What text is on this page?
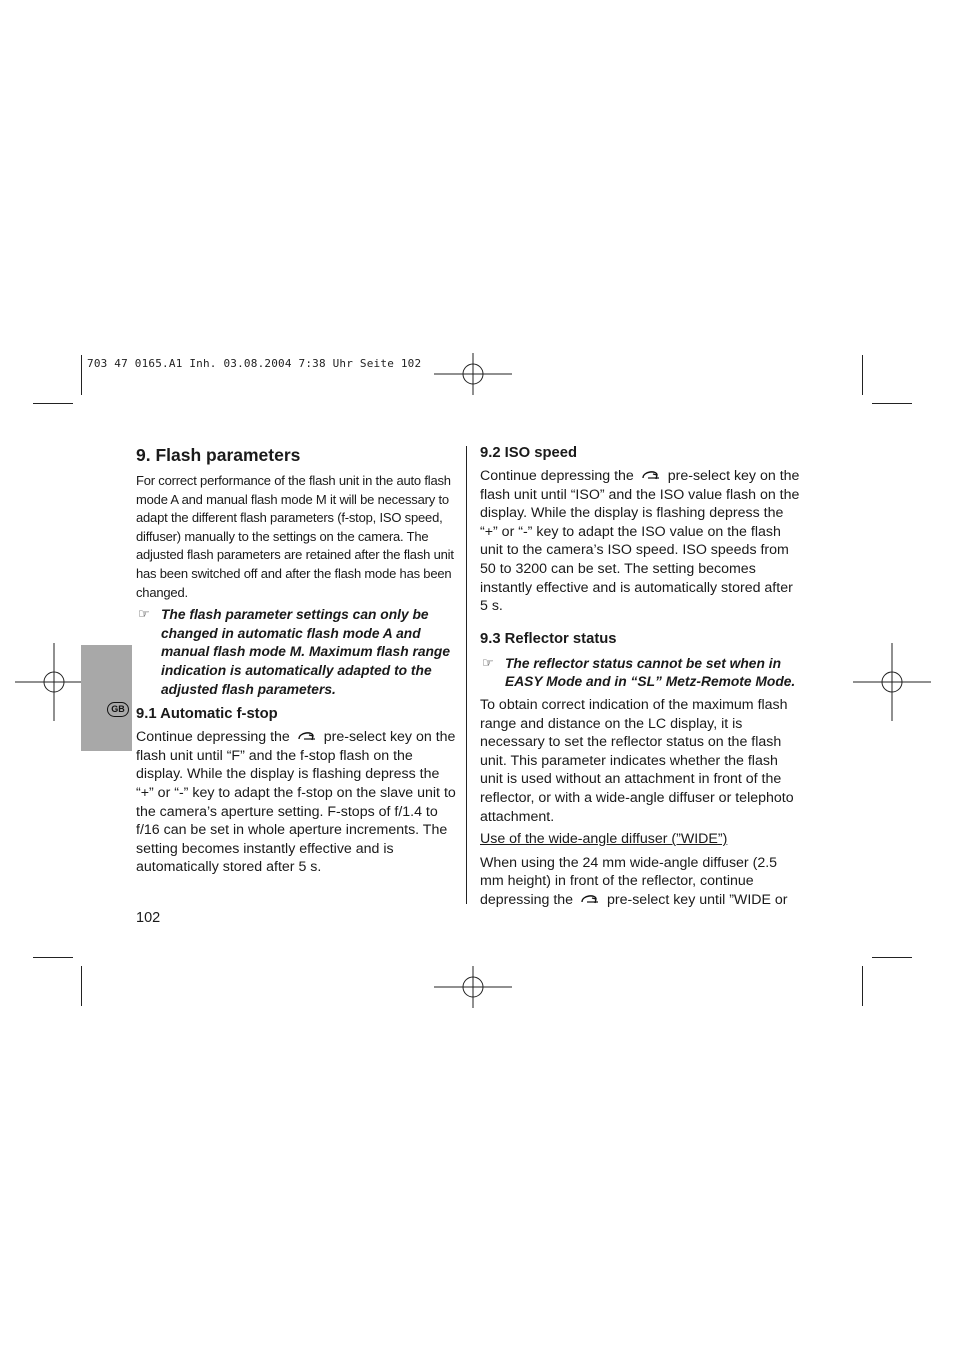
703 47 0165.A1 Inh. 03.08.2004 7:38 Uhr Seite 102
GB
9. Flash parameters

For correct performance of the flash unit in the auto flash mode A and manual flash mode M it will be necessary to adapt the different flash parameters (f-stop, ISO speed, diffuser) manually to the settings on the camera. The adjusted flash parameters are retained after the flash unit has been switched off and after the flash mode has been changed.

☞ The flash parameter settings can only be changed in automatic flash mode A and manual flash mode M. Maximum flash range indication is automatically adapted to the adjusted flash parameters.
9.1 Automatic f-stop

Continue depressing the pre-select key on the flash unit until “F” and the f-stop flash on the display. While the display is flashing depress the “+” or “-” key to adapt the f-stop on the slave unit to the camera’s aperture setting. F-stops of f/1.4 to f/16 can be set in whole aperture increments. The setting becomes instantly effective and is automatically stored after 5 s.

9.2 ISO speed

Continue depressing the pre-select key on the flash unit until “ISO” and the ISO value flash on the display. While the display is flashing depress the “+” or “-” key to adapt the ISO value on the flash unit to the camera’s ISO speed. ISO speeds from 50 to 3200 can be set. The setting becomes instantly effective and is automatically stored after 5 s.

9.3 Reflector status
☞ The reflector status cannot be set when in EASY Mode and in “SL” Metz-Remote Mode.

To obtain correct indication of the maximum flash range and distance on the LC display, it is necessary to set the reflector status on the flash unit. This parameter indicates whether the flash unit is used without an attachment in front of the reflector, or with a wide-angle diffuser or telephoto attachment.

Use of the wide-angle diffuser (”WIDE”)

When using the 24 mm wide-angle diffuser (2.5 mm height) in front of the reflector, continue depressing the pre-select key until ”WIDE or

102
